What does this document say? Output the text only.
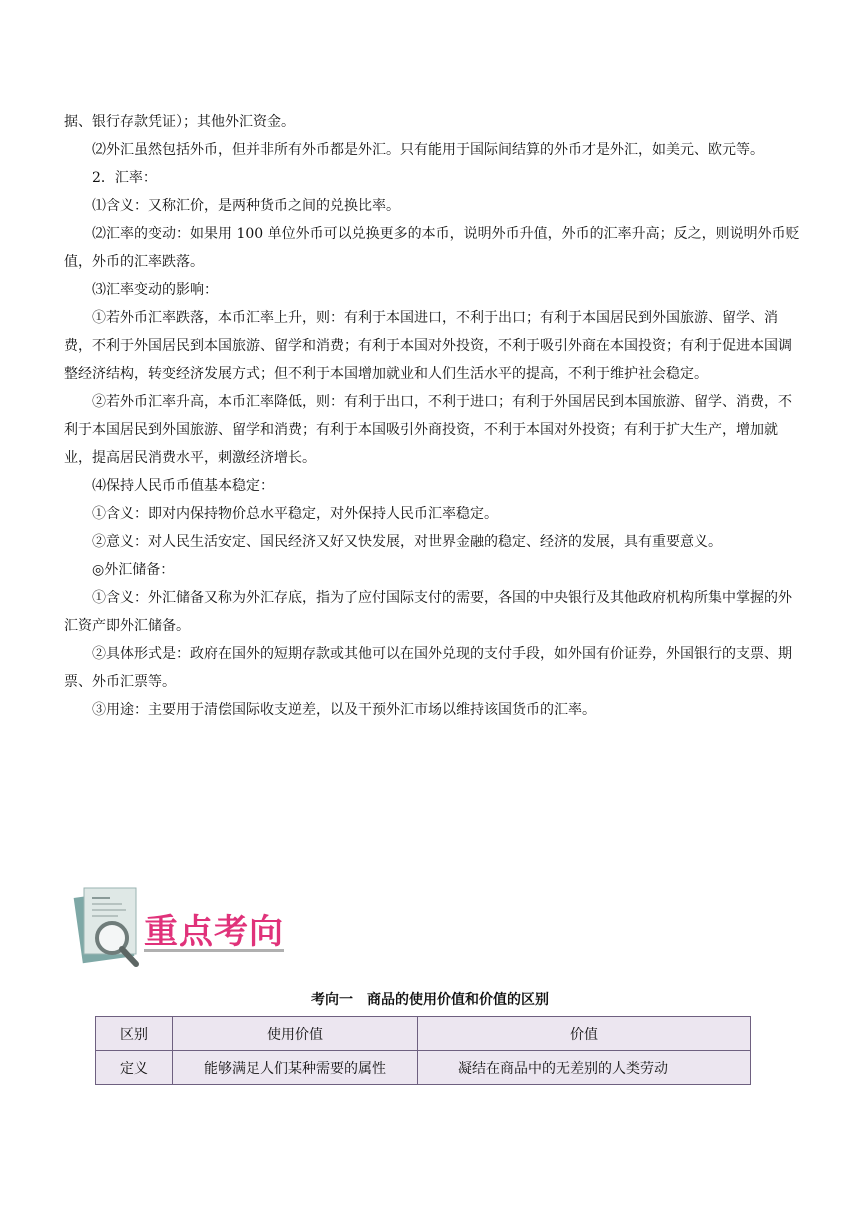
据、银行存款凭证）；其他外汇资金。

⑵外汇虽然包括外币，但并非所有外币都是外汇。只有能用于国际间结算的外币才是外汇，如美元、欧元等。

2．汇率：

⑴含义：又称汇价，是两种货币之间的兑换比率。

⑵汇率的变动：如果用 100 单位外币可以兑换更多的本币，说明外币升值，外币的汇率升高；反之，则说明外币贬值，外币的汇率跌落。

⑶汇率变动的影响：

①若外币汇率跌落，本币汇率上升，则：有利于本国进口，不利于出口；有利于本国居民到外国旅游、留学、消费，不利于外国居民到本国旅游、留学和消费；有利于本国对外投资，不利于吸引外商在本国投资；有利于促进本国调整经济结构，转变经济发展方式；但不利于本国增加就业和人们生活水平的提高，不利于维护社会稳定。

②若外币汇率升高，本币汇率降低，则：有利于出口，不利于进口；有利于外国居民到本国旅游、留学、消费，不利于本国居民到外国旅游、留学和消费；有利于本国吸引外商投资，不利于本国对外投资；有利于扩大生产，增加就业，提高居民消费水平，刺激经济增长。

⑷保持人民币币值基本稳定：

①含义：即对内保持物价总水平稳定，对外保持人民币汇率稳定。

②意义：对人民生活安定、国民经济又好又快发展，对世界金融的稳定、经济的发展，具有重要意义。

◎外汇储备：

①含义：外汇储备又称为外汇存底，指为了应付国际支付的需要，各国的中央银行及其他政府机构所集中掌握的外汇资产即外汇储备。

②具体形式是：政府在国外的短期存款或其他可以在国外兑现的支付手段，如外国有价证券，外国银行的支票、期票、外币汇票等。

③用途：主要用于清偿国际收支逆差，以及干预外汇市场以维持该国货币的汇率。

重点考向
考向一　商品的使用价值和价值的区别
区别	使用价值	价值
定义	能够满足人们某种需要的属性	凝结在商品中的无差别的人类劳动
